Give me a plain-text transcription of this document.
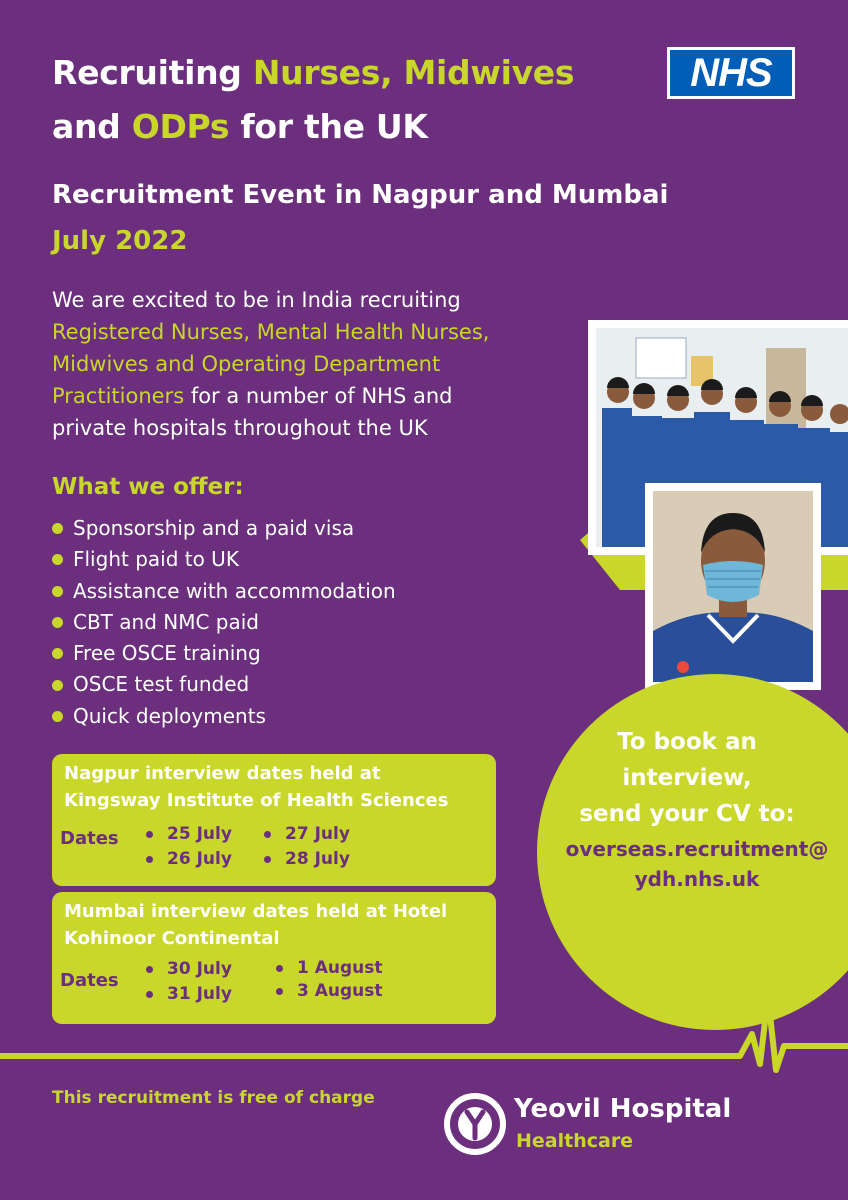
Recruiting Nurses, Midwives
and ODPs for the UK
NHS
Recruitment Event in Nagpur and Mumbai
July 2022
We are excited to be in India recruiting
Registered Nurses, Mental Health Nurses,
Midwives and Operating Department
Practitioners for a number of NHS and
private hospitals throughout the UK
What we offer:
Sponsorship and a paid visa
Flight paid to UK
Assistance with accommodation
CBT and NMC paid
Free OSCE training
OSCE test funded
Quick deployments
To book an
interview,
send your CV to:
overseas.recruitment@
ydh.nhs.uk
Nagpur interview dates held at
Kingsway Institute of Health Sciences
Dates	25 July
26 July
27 July
28 July
Mumbai interview dates held at Hotel
Kohinoor Continental
Dates
30 July
31 July
1 August
3 August
This recruitment is free of charge	Yeovil Hospital
Healthcare
